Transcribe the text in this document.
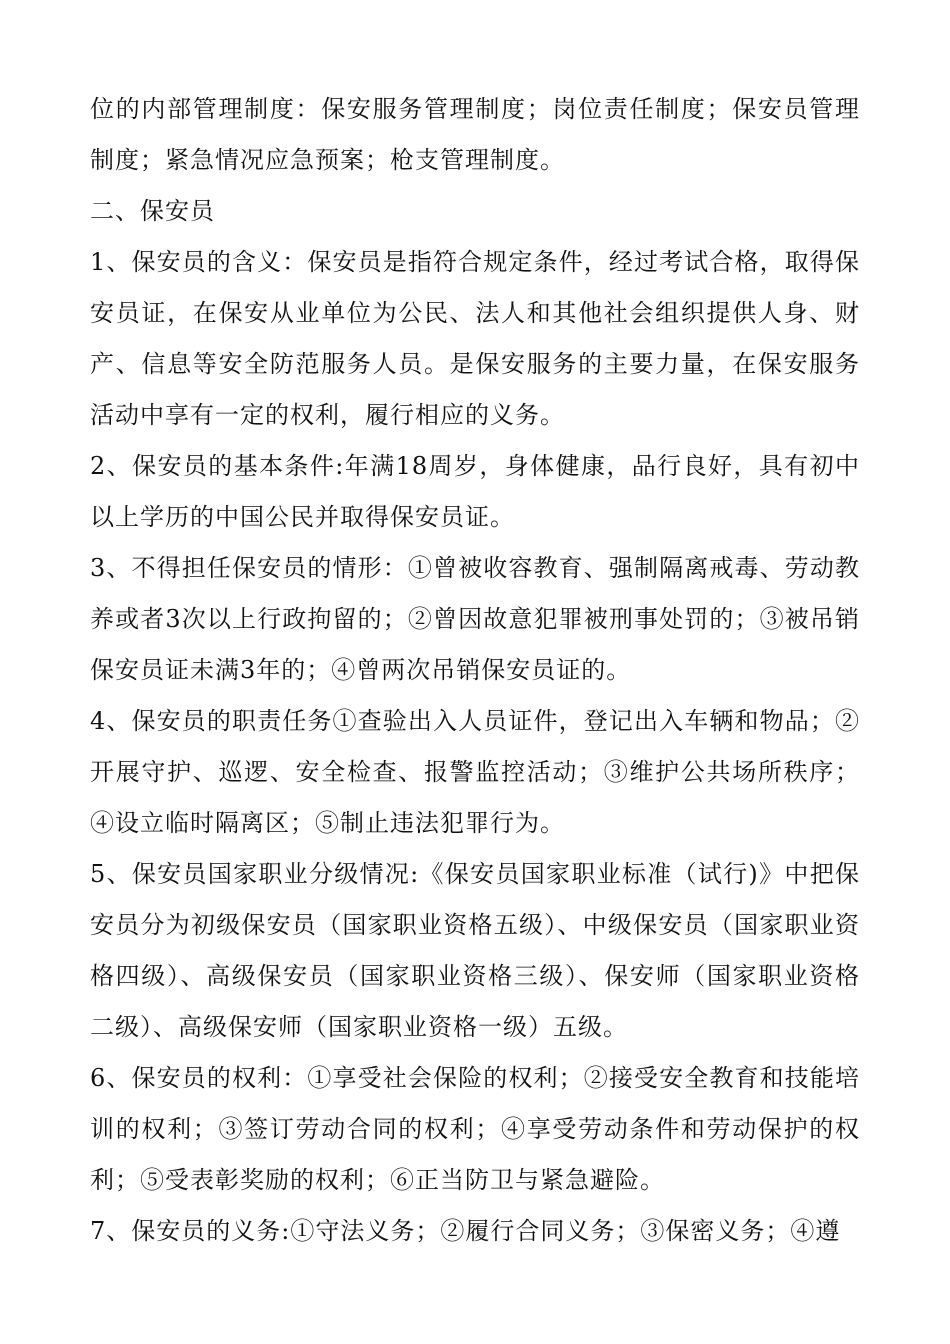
位的内部管理制度：保安服务管理制度；岗位责任制度；保安员管理制度；紧急情况应急预案；枪支管理制度。

二、保安员

1、保安员的含义：保安员是指符合规定条件，经过考试合格，取得保安员证，在保安从业单位为公民、法人和其他社会组织提供人身、财产、信息等安全防范服务人员。是保安服务的主要力量，在保安服务活动中享有一定的权利，履行相应的义务。

2、保安员的基本条件:年满18周岁，身体健康，品行良好，具有初中以上学历的中国公民并取得保安员证。

3、不得担任保安员的情形：①曾被收容教育、强制隔离戒毒、劳动教养或者3次以上行政拘留的；②曾因故意犯罪被刑事处罚的；③被吊销保安员证未满3年的；④曾两次吊销保安员证的。

4、保安员的职责任务①查验出入人员证件，登记出入车辆和物品；②开展守护、巡逻、安全检查、报警监控活动；③维护公共场所秩序；④设立临时隔离区；⑤制止违法犯罪行为。

5、保安员国家职业分级情况:《保安员国家职业标准（试行)》中把保安员分为初级保安员（国家职业资格五级）、中级保安员（国家职业资格四级）、高级保安员（国家职业资格三级）、保安师（国家职业资格二级）、高级保安师（国家职业资格一级）五级。

6、保安员的权利：①享受社会保险的权利；②接受安全教育和技能培训的权利；③签订劳动合同的权利；④享受劳动条件和劳动保护的权利；⑤受表彰奖励的权利；⑥正当防卫与紧急避险。

7、保安员的义务:①守法义务；②履行合同义务；③保密义务；④遵
